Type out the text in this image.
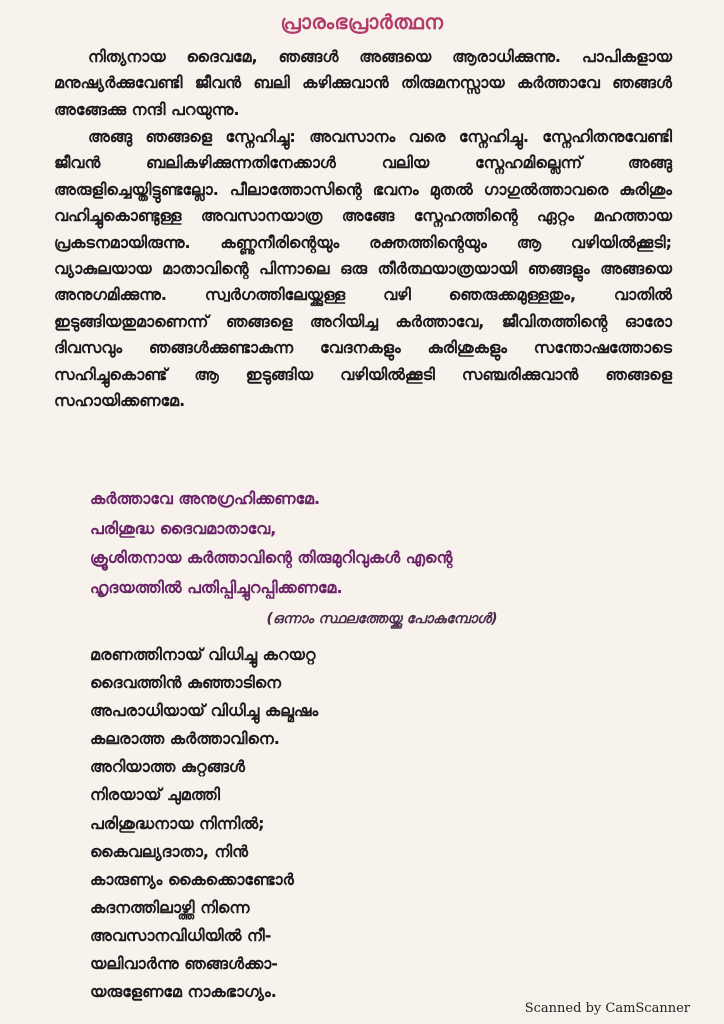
പ്രാരംഭപ്രാർത്ഥന

നിത്യനായ ദൈവമേ, ഞങ്ങൾ അങ്ങയെ ആരാധിക്കുന്നു. പാപികളായ മനുഷ്യർക്കുവേണ്ടി ജീവൻ ബലി കഴിക്കുവാൻ തിരുമനസ്സായ കർത്താവേ ഞങ്ങൾ അങ്ങേക്കു നന്ദി പറയുന്നു.

അങ്ങു ഞങ്ങളെ സ്നേഹിച്ചു: അവസാനം വരെ സ്നേഹിച്ചു. സ്നേഹിതനുവേണ്ടി ജീവൻ ബലികഴിക്കുന്നതിനേക്കാൾ വലിയ സ്നേഹമില്ലെന്ന് അങ്ങു അരുളിച്ചെയ്തിട്ടുണ്ടല്ലോ. പീലാത്തോസിന്റെ ഭവനം മുതൽ ഗാഗുൽത്താവരെ കുരിശും വഹിച്ചുകൊണ്ടുള്ള അവസാനയാത്ര അങ്ങേ സ്നേഹത്തിന്റെ ഏറ്റം മഹത്തായ പ്രകടനമായിരുന്നു. കണ്ണുനീരിന്റെയും രക്തത്തിന്റെയും ആ വഴിയിൽക്കൂടി; വ്യാകുലയായ മാതാവിന്റെ പിന്നാലെ ഒരു തീർത്ഥയാത്രയായി ഞങ്ങളും അങ്ങയെ അനുഗമിക്കുന്നു. സ്വർഗത്തിലേയ്ക്കുള്ള വഴി ഞെരുക്കമുള്ളതും, വാതിൽ ഇടുങ്ങിയതുമാണെന്ന് ഞങ്ങളെ അറിയിച്ച കർത്താവേ, ജീവിതത്തിന്റെ ഓരോ ദിവസവും ഞങ്ങൾക്കുണ്ടാകുന്ന വേദനകളും കുരിശുകളും സന്തോഷത്തോടെ സഹിച്ചുകൊണ്ട് ആ ഇടുങ്ങിയ വഴിയിൽക്കൂടി സഞ്ചരിക്കുവാൻ ഞങ്ങളെ സഹായിക്കണമേ.

കർത്താവേ അനുഗ്രഹിക്കണമേ.
പരിശുദ്ധ ദൈവമാതാവേ,
ക്രൂശിതനായ കർത്താവിന്റെ തിരുമുറിവുകൾ എന്റെ
ഹൃദയത്തിൽ പതിപ്പിച്ചുറപ്പിക്കണമേ.
(ഒന്നാം സ്ഥലത്തേയ്ക്കു പോകുമ്പോൾ)
മരണത്തിനായ് വിധിച്ചു കറയറ്റ
ദൈവത്തിൻ കുഞ്ഞാടിനെ
അപരാധിയായ് വിധിച്ചു കല്മഷം
കലരാത്ത കർത്താവിനെ.
അറിയാത്ത കുറ്റങ്ങൾ
നിരയായ് ചുമത്തി
പരിശുദ്ധനായ നിന്നിൽ;
കൈവല്യദാതാ, നിൻ
കാരുണ്യം കൈക്കൊണ്ടോർ
കദനത്തിലാഴ്ത്തി നിന്നെ
അവസാനവിധിയിൽ നീ-
യലിവാർന്നു ഞങ്ങൾക്കാ-
യരുളേണമേ നാകഭാഗ്യം.
Scanned by CamScanner
